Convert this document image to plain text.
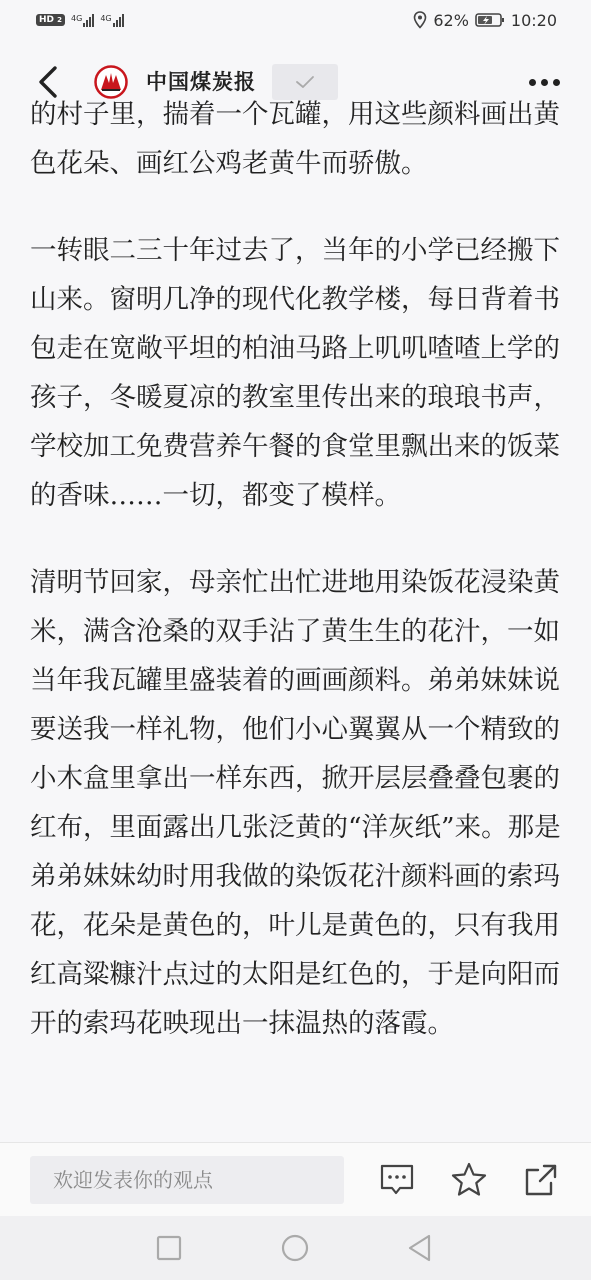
HD 2	4G 4G	62%	10:20
中国煤炭报

的村子里，揣着一个瓦罐，用这些颜料画出黄色花朵、画红公鸡老黄牛而骄傲。

一转眼二三十年过去了，当年的小学已经搬下山来。窗明几净的现代化教学楼，每日背着书包走在宽敞平坦的柏油马路上叽叽喳喳上学的孩子，冬暖夏凉的教室里传出来的琅琅书声，学校加工免费营养午餐的食堂里飘出来的饭菜的香味……一切，都变了模样。

清明节回家，母亲忙出忙进地用染饭花浸染黄米，满含沧桑的双手沾了黄生生的花汁，一如当年我瓦罐里盛装着的画画颜料。弟弟妹妹说要送我一样礼物，他们小心翼翼从一个精致的小木盒里拿出一样东西，掀开层层叠叠包裹的红布，里面露出几张泛黄的“洋灰纸”来。那是弟弟妹妹幼时用我做的染饭花汁颜料画的索玛花，花朵是黄色的，叶儿是黄色的，只有我用红高粱糠汁点过的太阳是红色的，于是向阳而开的索玛花映现出一抹温热的落霞。

欢迎发表你的观点
